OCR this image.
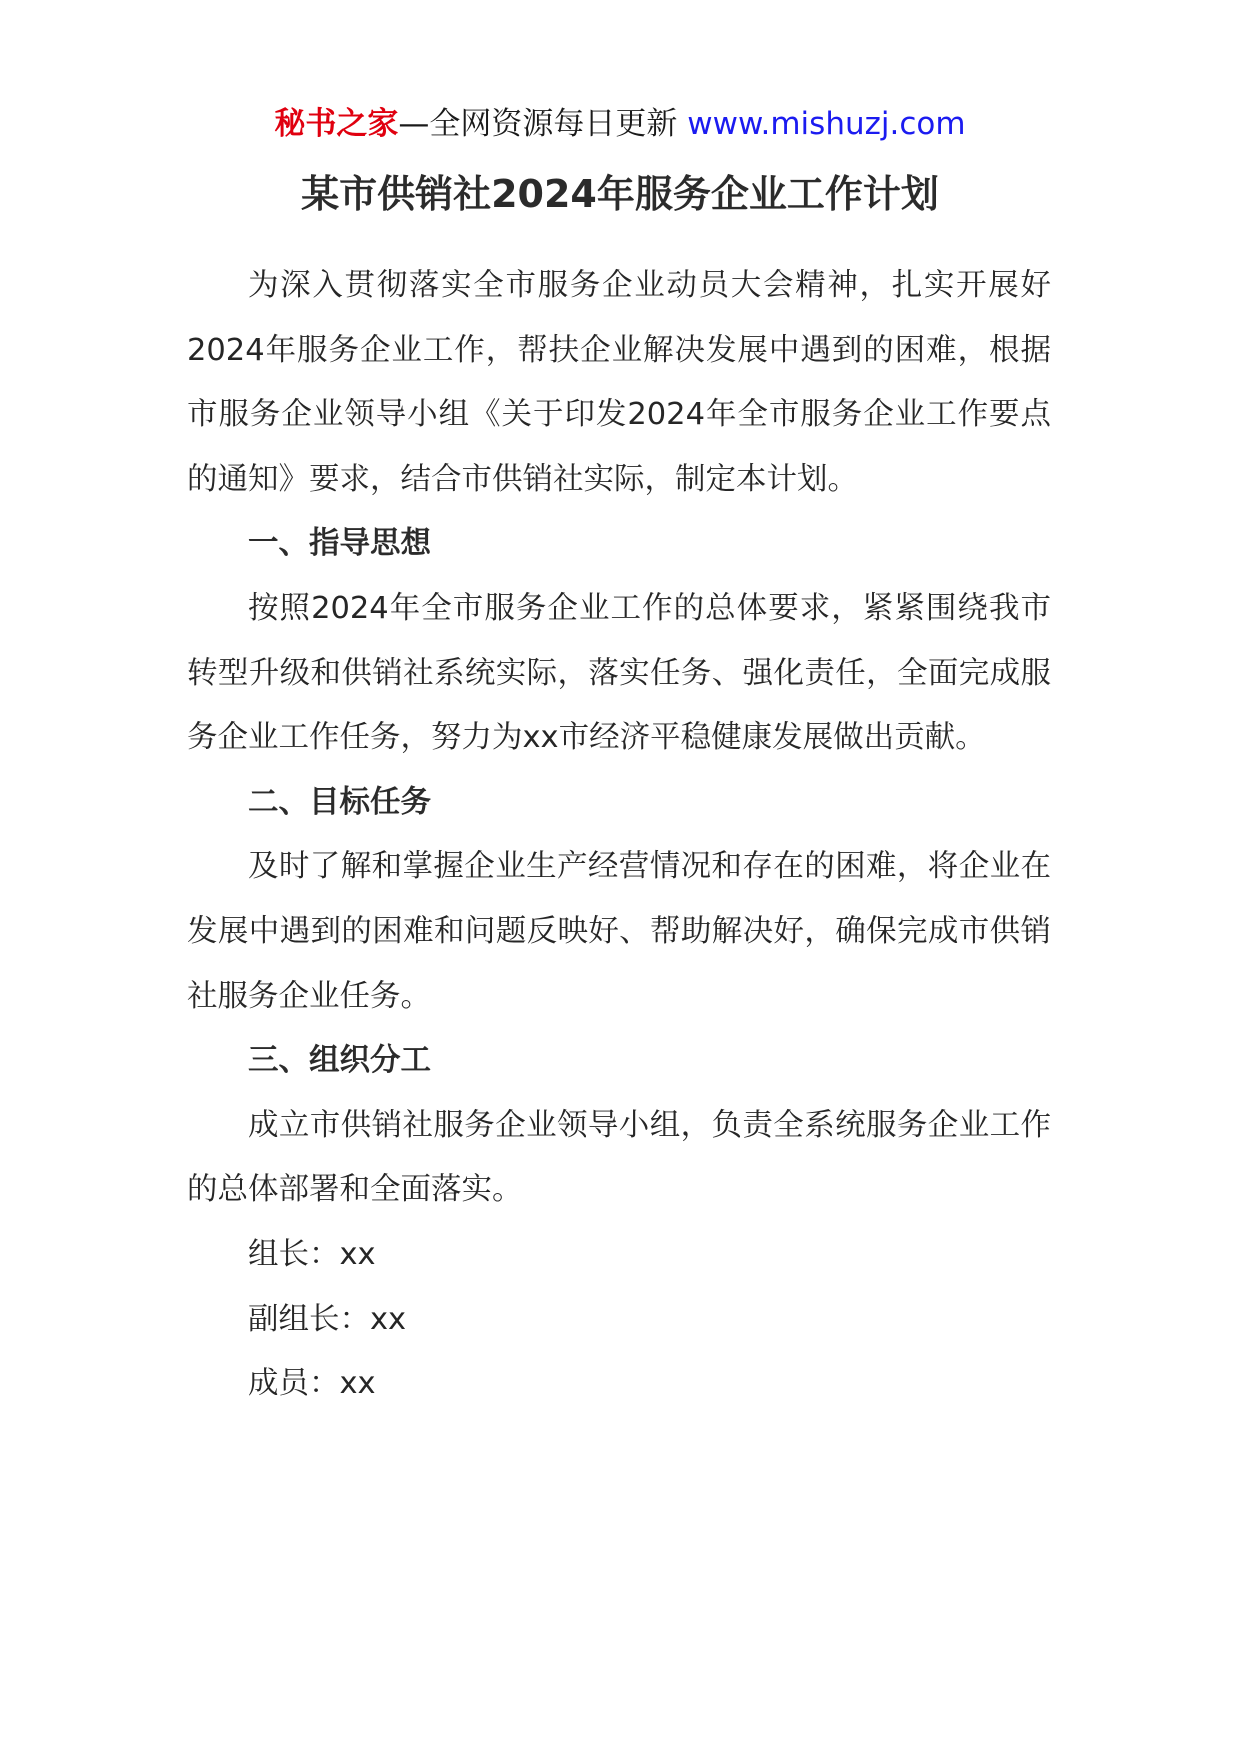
秘书之家—全网资源每日更新 www.mishuzj.com
某市供销社2024年服务企业工作计划

为深入贯彻落实全市服务企业动员大会精神，扎实开展好2024年服务企业工作，帮扶企业解决发展中遇到的困难，根据市服务企业领导小组《关于印发2024年全市服务企业工作要点的通知》要求，结合市供销社实际，制定本计划。

一、指导思想

按照2024年全市服务企业工作的总体要求，紧紧围绕我市转型升级和供销社系统实际，落实任务、强化责任，全面完成服务企业工作任务，努力为xx市经济平稳健康发展做出贡献。

二、目标任务

及时了解和掌握企业生产经营情况和存在的困难，将企业在发展中遇到的困难和问题反映好、帮助解决好，确保完成市供销社服务企业任务。

三、组织分工

成立市供销社服务企业领导小组，负责全系统服务企业工作的总体部署和全面落实。

组长：xx

副组长：xx

成员：xx
